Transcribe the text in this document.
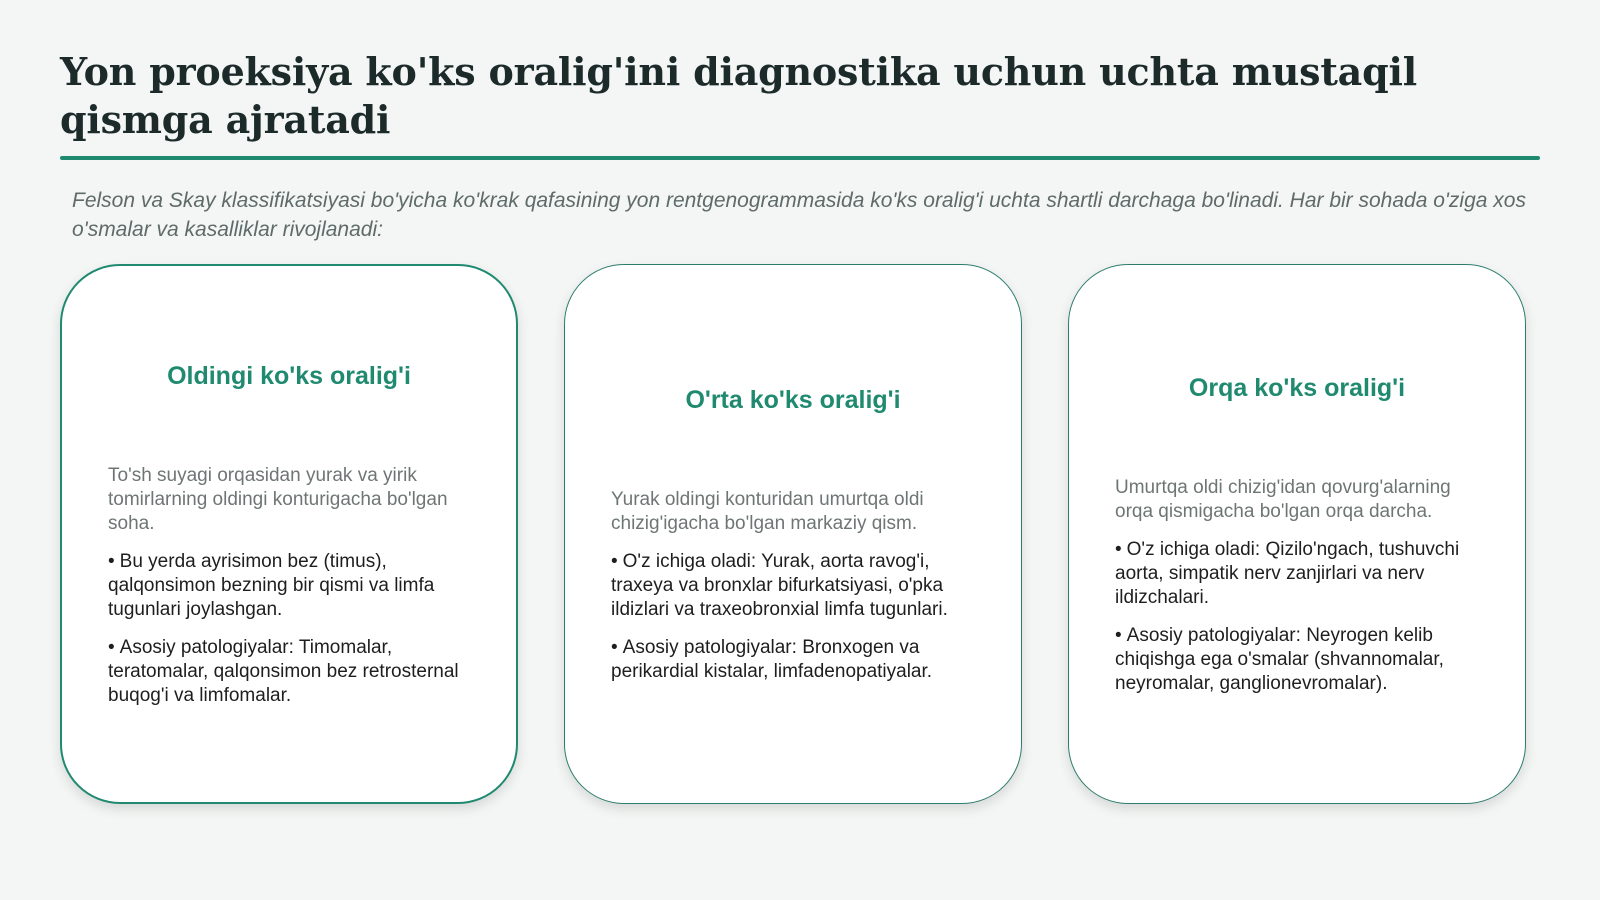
Yon proeksiya ko'ks oralig'ini diagnostika uchun uchta mustaqil qismga ajratadi

Felson va Skay klassifikatsiyasi bo'yicha ko'krak qafasining yon rentgenogrammasida ko'ks oralig'i uchta shartli darchaga bo'linadi. Har bir sohada o'ziga xos o'smalar va kasalliklar rivojlanadi:

Oldingi ko'ks oralig'i

To'sh suyagi orqasidan yurak va yirik tomirlarning oldingi konturigacha bo'lgan soha.

• Bu yerda ayrisimon bez (timus), qalqonsimon bezning bir qismi va limfa tugunlari joylashgan.

• Asosiy patologiyalar: Timomalar, teratomalar, qalqonsimon bez retrosternal buqog'i va limfomalar.

O'rta ko'ks oralig'i

Yurak oldingi konturidan umurtqa oldi chizig'igacha bo'lgan markaziy qism.

• O'z ichiga oladi: Yurak, aorta ravog'i, traxeya va bronxlar bifurkatsiyasi, o'pka ildizlari va traxeobronxial limfa tugunlari.

• Asosiy patologiyalar: Bronxogen va perikardial kistalar, limfadenopatiyalar.

Orqa ko'ks oralig'i

Umurtqa oldi chizig'idan qovurg'alarning orqa qismigacha bo'lgan orqa darcha.

• O'z ichiga oladi: Qizilo'ngach, tushuvchi aorta, simpatik nerv zanjirlari va nerv ildizchalari.

• Asosiy patologiyalar: Neyrogen kelib chiqishga ega o'smalar (shvannomalar, neyromalar, ganglionevromalar).
